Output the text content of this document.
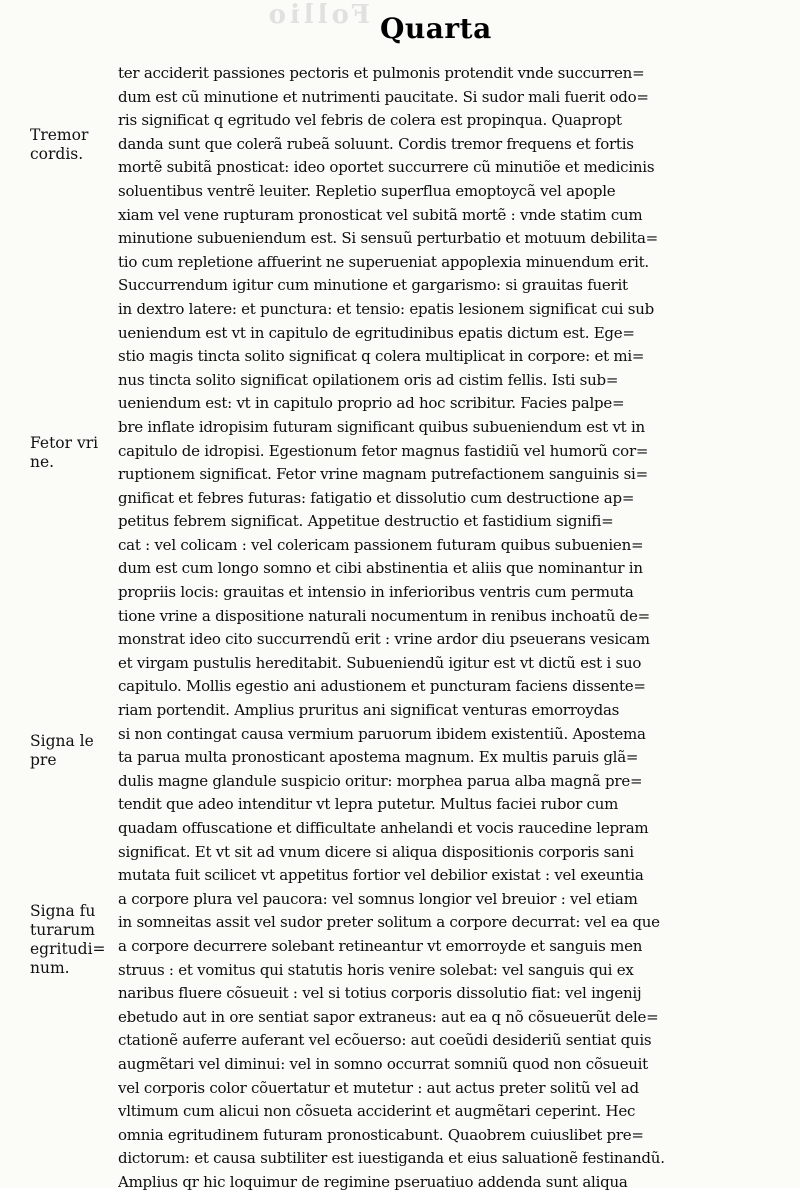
Follio Quarta
Tremor
cordis.
Fetor vri
ne.
Signa le
pre
Signa fu
turarum
egritudi=
num.
ter acciderit passiones pectoris et pulmonis protendit vnde succurren=
dum est cũ minutione et nutrimenti paucitate. Si sudor mali fuerit odo=
ris significat q egritudo vel febris de colera est propinqua. Quapropt
danda sunt que colerã rubeã soluunt. Cordis tremor frequens et fortis
mortẽ subitã pnosticat: ideo oportet succurrere cũ minutiõe et medicinis
soluentibus ventrẽ leuiter. Repletio superflua emoptoycã vel apople
xiam vel vene rupturam pronosticat vel subitã mortẽ : vnde statim cum
minutione subueniendum est. Si sensuũ perturbatio et motuum debilita=
tio cum repletione affuerint ne superueniat appoplexia minuendum erit.
Succurrendum igitur cum minutione et gargarismo: si grauitas fuerit
in dextro latere: et punctura: et tensio: epatis lesionem significat cui sub
ueniendum est vt in capitulo de egritudinibus epatis dictum est. Ege=
stio magis tincta solito significat q colera multiplicat in corpore: et mi=
nus tincta solito significat opilationem oris ad cistim fellis. Isti sub=
ueniendum est: vt in capitulo proprio ad hoc scribitur. Facies palpe=
bre inflate idropisim futuram significant quibus subueniendum est vt in
capitulo de idropisi. Egestionum fetor magnus fastidiũ vel humorũ cor=
ruptionem significat. Fetor vrine magnam putrefactionem sanguinis si=
gnificat et febres futuras: fatigatio et dissolutio cum destructione ap=
petitus febrem significat. Appetitue destructio et fastidium signifi=
cat : vel colicam : vel colericam passionem futuram quibus subuenien=
dum est cum longo somno et cibi abstinentia et aliis que nominantur in
propriis locis: grauitas et intensio in inferioribus ventris cum permuta
tione vrine a dispositione naturali nocumentum in renibus inchoatũ de=
monstrat ideo cito succurrendũ erit : vrine ardor diu pseuerans vesicam
et virgam pustulis hereditabit. Subueniendũ igitur est vt dictũ est i suo
capitulo. Mollis egestio ani adustionem et puncturam faciens dissente=
riam portendit. Amplius pruritus ani significat venturas emorroydas
si non contingat causa vermium paruorum ibidem existentiũ. Apostema
ta parua multa pronosticant apostema magnum. Ex multis paruis glã=
dulis magne glandule suspicio oritur: morphea parua alba magnã pre=
tendit que adeo intenditur vt lepra putetur. Multus faciei rubor cum
quadam offuscatione et difficultate anhelandi et vocis raucedine lepram
significat. Et vt sit ad vnum dicere si aliqua dispositionis corporis sani
mutata fuit scilicet vt appetitus fortior vel debilior existat : vel exeuntia
a corpore plura vel paucora: vel somnus longior vel breuior : vel etiam
in somneitas assit vel sudor preter solitum a corpore decurrat: vel ea que
a corpore decurrere solebant retineantur vt emorroyde et sanguis men
struus : et vomitus qui statutis horis venire solebat: vel sanguis qui ex
naribus fluere cõsueuit : vel si totius corporis dissolutio fiat: vel ingenij
ebetudo aut in ore sentiat sapor extraneus: aut ea q nõ cõsueuerũt dele=
ctationẽ auferre auferant vel ecõuerso: aut coeũdi desideriũ sentiat quis
augmẽtari vel diminui: vel in somno occurrat somniũ quod non cõsueuit
vel corporis color cõuertatur et mutetur : aut actus preter solitũ vel ad
vltimum cum alicui non cõsueta acciderint et augmẽtari ceperint. Hec
omnia egritudinem futuram pronosticabunt. Quaobrem cuiuslibet pre=
dictorum: et causa subtiliter est iuestiganda et eius saluationẽ festinandũ.
Amplius qr hic loquimur de regimine pseruatiuo addenda sunt aliqua
